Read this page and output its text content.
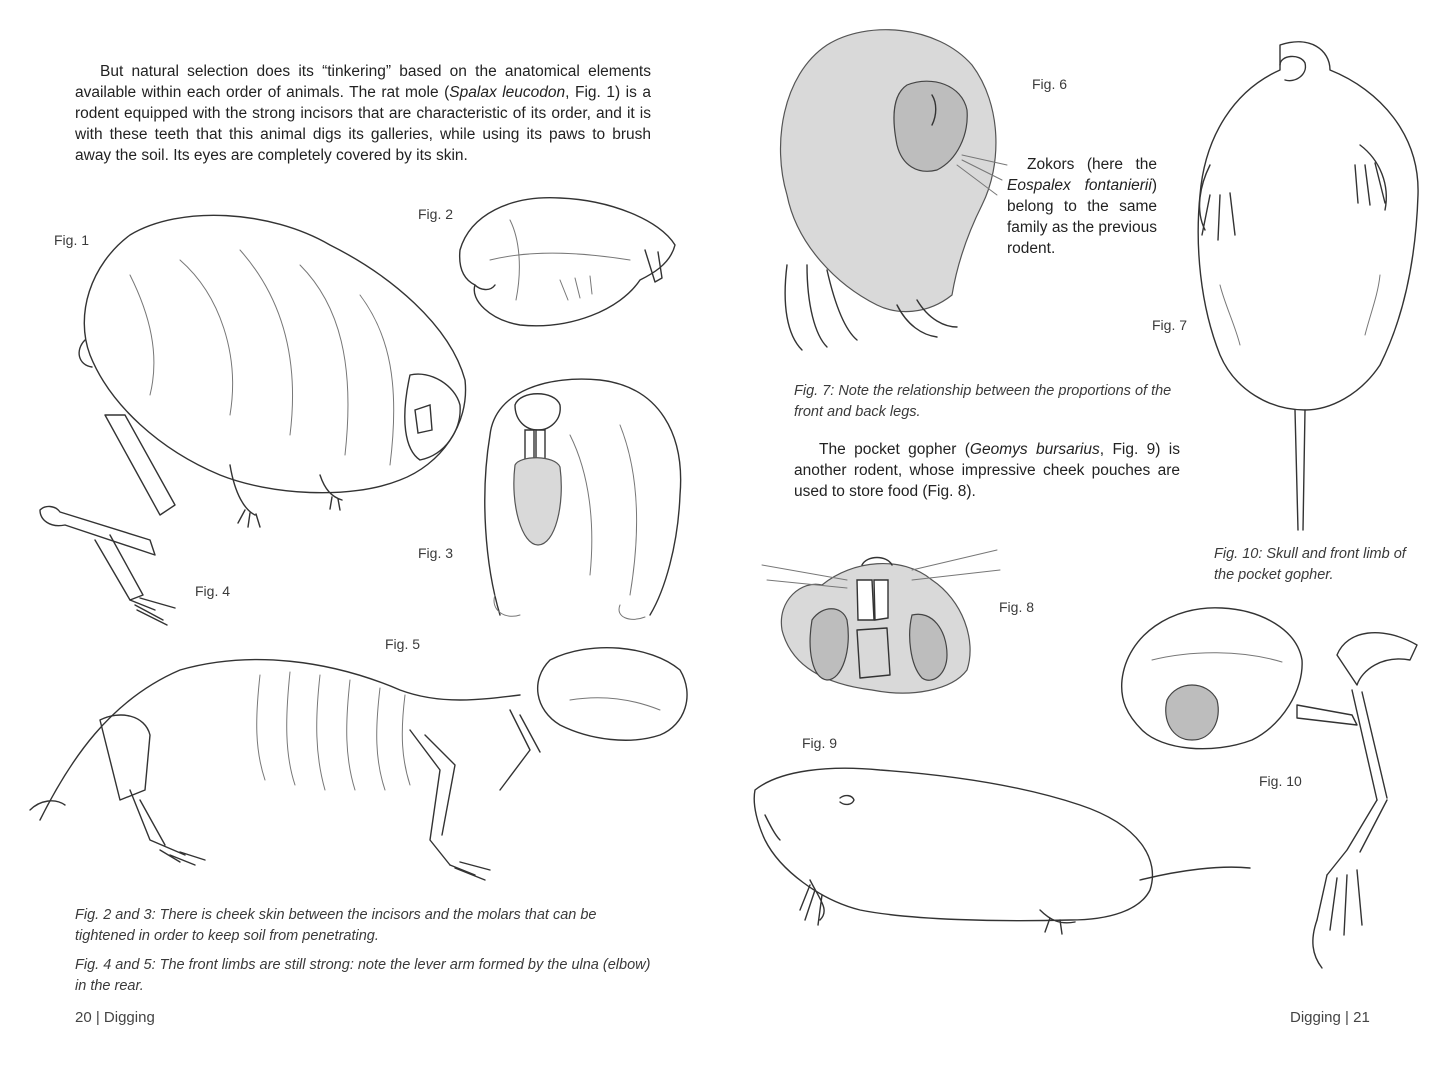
But natural selection does its “tinkering” based on the anatomical elements available within each order of animals. The rat mole (Spalax leucodon, Fig. 1) is a rodent equipped with the strong incisors that are characteristic of its order, and it is with these teeth that this animal digs its galleries, while using its paws to brush away the soil. Its eyes are completely covered by its skin.

Fig. 1
Fig. 2
Fig. 3
Fig. 4
Fig. 5
Fig. 2 and 3: There is cheek skin between the incisors and the molars that can be tightened in order to keep soil from penetrating.
Fig. 4 and 5: The front limbs are still strong: note the lever arm formed by the ulna (elbow) in the rear.
20 | Digging
Fig. 6
Zokors (here the Eospalex fontanierii) belong to the same family as the previous rodent.
Fig. 7
Fig. 7: Note the relationship between the proportions of the front and back legs.

The pocket gopher (Geomys bursarius, Fig. 9) is another rodent, whose impressive cheek pouches are used to store food (Fig. 8).

Fig. 10: Skull and front limb of the pocket gopher.
Fig. 8
Fig. 10
Fig. 9
Digging | 21
